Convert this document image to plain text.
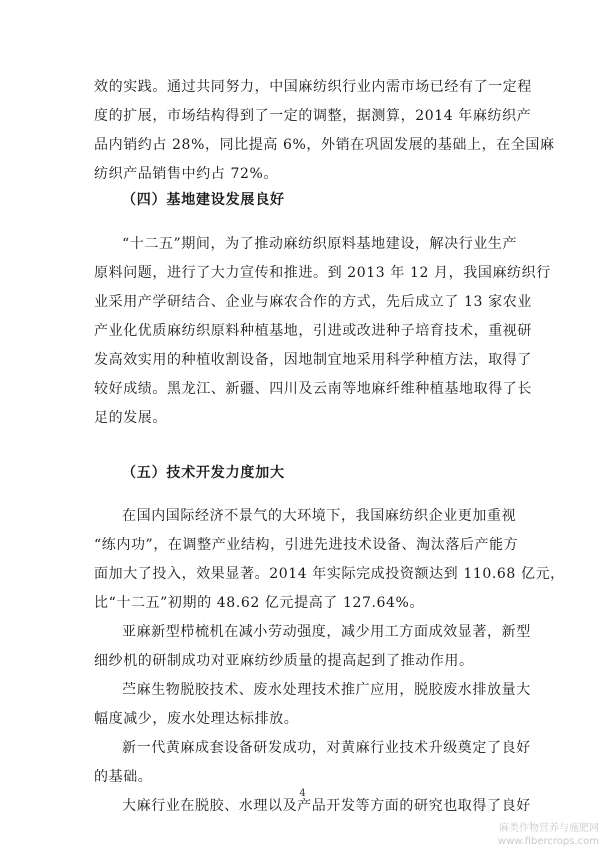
效的实践。通过共同努力，中国麻纺织行业内需市场已经有了一定程
度的扩展，市场结构得到了一定的调整，据测算，2014 年麻纺织产
品内销约占 28%，同比提高 6%，外销在巩固发展的基础上，在全国麻
纺织产品销售中约占 72%。
（四）基地建设发展良好
“十二五”期间，为了推动麻纺织原料基地建设，解决行业生产
原料问题，进行了大力宣传和推进。到 2013 年 12 月，我国麻纺织行
业采用产学研结合、企业与麻农合作的方式，先后成立了 13 家农业
产业化优质麻纺织原料种植基地，引进或改进种子培育技术，重视研
发高效实用的种植收割设备，因地制宜地采用科学种植方法，取得了
较好成绩。黑龙江、新疆、四川及云南等地麻纤维种植基地取得了长
足的发展。
（五）技术开发力度加大
在国内国际经济不景气的大环境下，我国麻纺织企业更加重视
“练内功”，在调整产业结构，引进先进技术设备、淘汰落后产能方
面加大了投入，效果显著。2014 年实际完成投资额达到 110.68 亿元，
比“十二五”初期的 48.62 亿元提高了 127.64%。
亚麻新型栉梳机在减小劳动强度，减少用工方面成效显著，新型
细纱机的研制成功对亚麻纺纱质量的提高起到了推动作用。
苎麻生物脱胶技术、废水处理技术推广应用，脱胶废水排放量大
幅度减少，废水处理达标排放。
新一代黄麻成套设备研发成功，对黄麻行业技术升级奠定了良好
的基础。
大麻行业在脱胶、水理以及产品开发等方面的研究也取得了良好
4
麻类作物营养与施肥网
www.fibercrops.com
